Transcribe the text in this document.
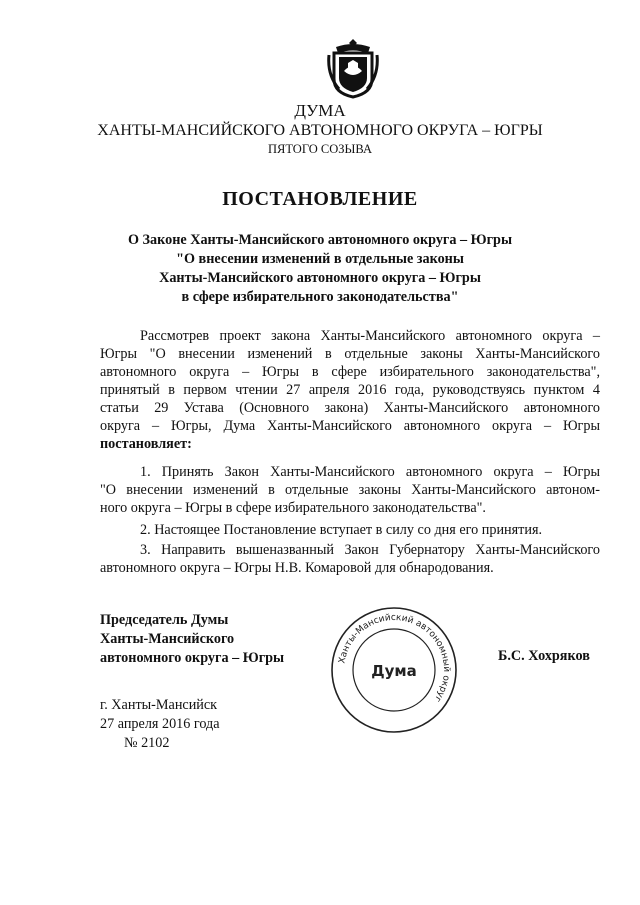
ДУМА
ХАНТЫ-МАНСИЙСКОГО АВТОНОМНОГО ОКРУГА – ЮГРЫ
ПЯТОГО СОЗЫВА
ПОСТАНОВЛЕНИЕ
О Законе Ханты-Мансийского автономного округа – Югры
"О внесении изменений в отдельные законы
Ханты-Мансийского автономного округа – Югры
в сфере избирательного законодательства"
Рассмотрев проект закона Ханты-Мансийского автономного округа –
Югры "О внесении изменений в отдельные законы Ханты-Мансийского
автономного округа – Югры в сфере избирательного законодательства",
принятый в первом чтении 27 апреля 2016 года, руководствуясь пунктом 4
статьи 29 Устава (Основного закона) Ханты-Мансийского автономного
округа – Югры, Дума Ханты-Мансийского автономного округа – Югры
постановляет:
1. Принять Закон Ханты-Мансийского автономного округа – Югры
"О внесении изменений в отдельные законы Ханты-Мансийского автоном-
ного округа – Югры в сфере избирательного законодательства".
2. Настоящее Постановление вступает в силу со дня его принятия.
3. Направить вышеназванный Закон Губернатору Ханты-Мансийского
автономного округа – Югры Н.В. Комаровой для обнародования.
Председатель Думы
Ханты-Мансийского
автономного округа – Югры	Ханты-Мансийский автономный округ
Дума
Б.С. Хохряков
г. Ханты-Мансийск
27 апреля 2016 года
№ 2102
